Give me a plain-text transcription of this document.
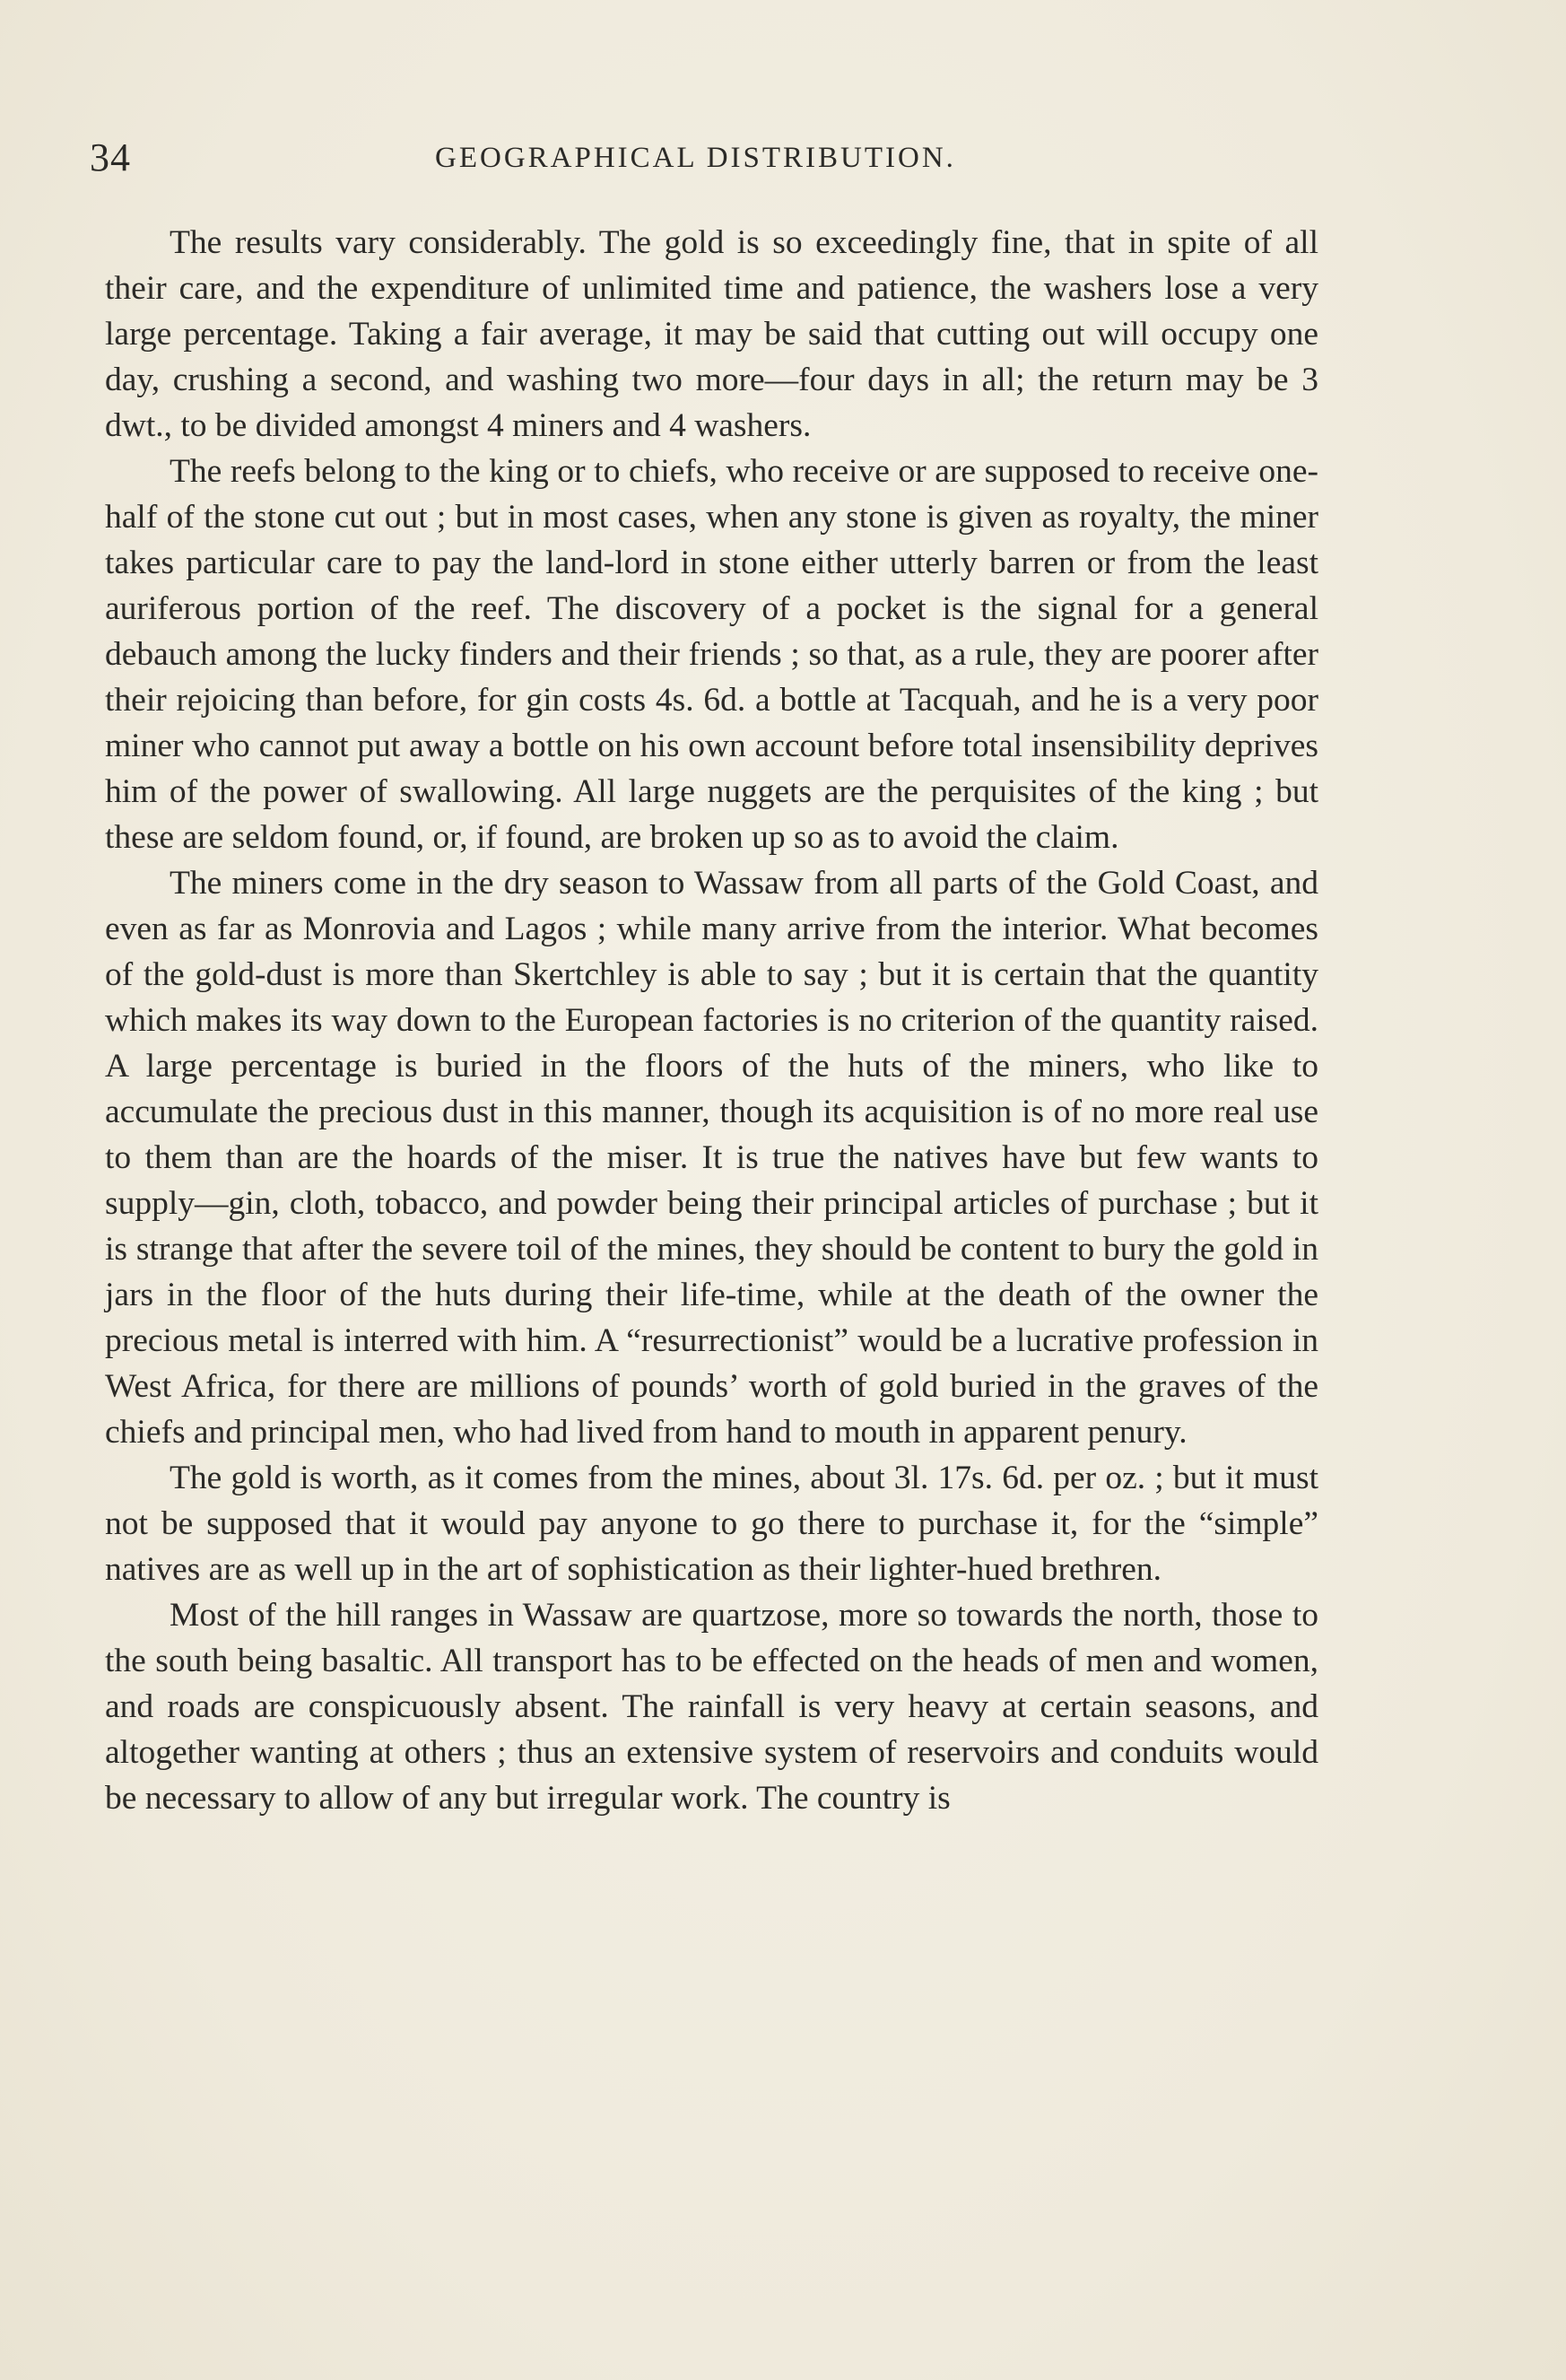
34	GEOGRAPHICAL DISTRIBUTION.

The results vary considerably. The gold is so exceedingly fine, that in spite of all their care, and the expenditure of unlimited time and patience, the washers lose a very large percentage. Taking a fair average, it may be said that cutting out will occupy one day, crushing a second, and washing two more—four days in all; the return may be 3 dwt., to be divided amongst 4 miners and 4 washers.

The reefs belong to the king or to chiefs, who receive or are supposed to receive one-half of the stone cut out ; but in most cases, when any stone is given as royalty, the miner takes particular care to pay the land-lord in stone either utterly barren or from the least auriferous portion of the reef. The discovery of a pocket is the signal for a general debauch among the lucky finders and their friends ; so that, as a rule, they are poorer after their rejoicing than before, for gin costs 4s. 6d. a bottle at Tacquah, and he is a very poor miner who cannot put away a bottle on his own account before total insensibility deprives him of the power of swallowing. All large nuggets are the perquisites of the king ; but these are seldom found, or, if found, are broken up so as to avoid the claim.

The miners come in the dry season to Wassaw from all parts of the Gold Coast, and even as far as Monrovia and Lagos ; while many arrive from the interior. What becomes of the gold-dust is more than Skertchley is able to say ; but it is certain that the quantity which makes its way down to the European factories is no criterion of the quantity raised. A large percentage is buried in the floors of the huts of the miners, who like to accumulate the precious dust in this manner, though its acquisition is of no more real use to them than are the hoards of the miser. It is true the natives have but few wants to supply—gin, cloth, tobacco, and powder being their principal articles of purchase ; but it is strange that after the severe toil of the mines, they should be content to bury the gold in jars in the floor of the huts during their life-time, while at the death of the owner the precious metal is interred with him. A “resurrectionist” would be a lucrative profession in West Africa, for there are millions of pounds’ worth of gold buried in the graves of the chiefs and principal men, who had lived from hand to mouth in apparent penury.

The gold is worth, as it comes from the mines, about 3l. 17s. 6d. per oz. ; but it must not be supposed that it would pay anyone to go there to purchase it, for the “simple” natives are as well up in the art of sophistication as their lighter-hued brethren.

Most of the hill ranges in Wassaw are quartzose, more so towards the north, those to the south being basaltic. All transport has to be effected on the heads of men and women, and roads are conspicuously absent. The rainfall is very heavy at certain seasons, and altogether wanting at others ; thus an extensive system of reservoirs and conduits would be necessary to allow of any but irregular work. The country is
